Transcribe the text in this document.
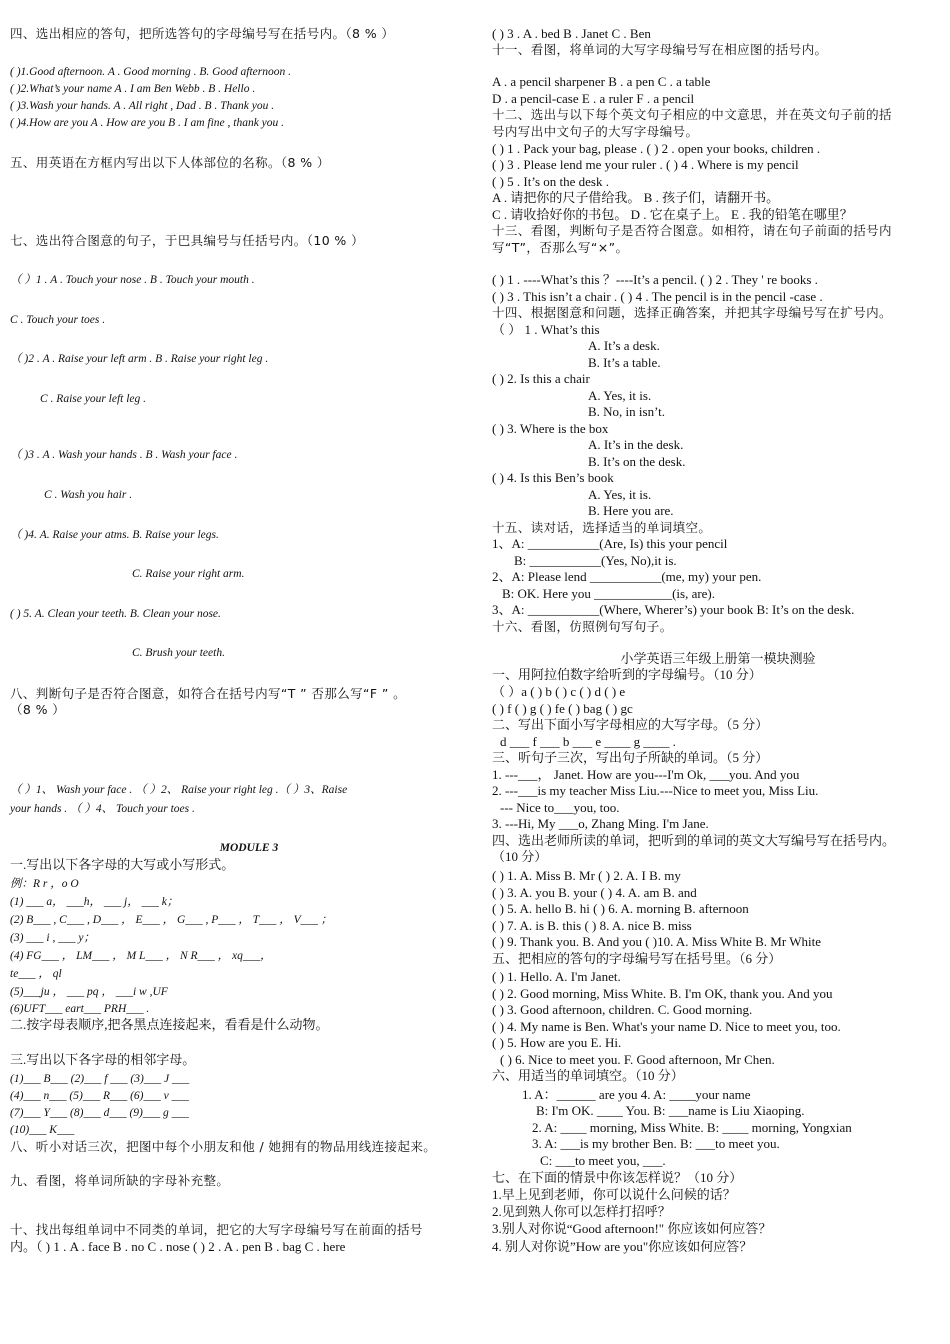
四、选出相应的答句，把所选答句的字母编号写在括号内。（8 % ）
( )1.Good afternoon. A . Good morning . B. Good afternoon .
( )2.What’s your name A . I am Ben Webb . B . Hello .
( )3.Wash your hands. A . All right , Dad . B . Thank you .
( )4.How are you A . How are you B . I am fine , thank you .
五、用英语在方框内写出以下人体部位的名称。（8 % ）
七、选出符合图意的句子，于巴具编号与任括号内。（10 % ）
（ ）1 . A . Touch your nose . B . Touch your mouth .
C . Touch your toes .
（ )2 . A . Raise your left arm . B . Raise your right leg .
C . Raise your left leg .
（ )3 . A . Wash your hands . B . Wash your face .
C . Wash you hair .
（ )4. A. Raise your atms. B. Raise your legs.
C. Raise your right arm.
( ) 5. A. Clean your teeth. B. Clean your nose.
C. Brush your teeth.
八、判断句子是否符合图意，如符合在括号内写“T ” 否那么写“F ” 。
（8 % ）
（ ）1、 Wash your face . （ ）2、 Raise your right leg .（ ）3、Raise
your hands . （ ）4、 Touch your toes .
MODULE 3
一.写出以下各字母的大写或小写形式。
例：R r ，o O
(1) ___ a， ___h， ___ j， ___ k；
(2) B___ , C___ , D___ ， E___ ， G___ , P___ ， T___ ， V___ ；
(3) ___ i , ___ y；
(4) FG___ ， LM___ ， M L___ ， N R___ ， xq___，
te___ ， ql
(5)___ju ， ___ pq ， ___i w ,UF
(6)UFT___ eart___ PRH___ .
二.按字母表顺序,把各黑点连接起来，看看是什么动物。
三.写出以下各字母的相邻字母。
(1)___ B___ (2)___ f ___ (3)___ J ___
(4)___ n___ (5)___ R___ (6)___ v ___
(7)___ Y___ (8)___ d___ (9)___ g ___
(10)___ K___
八、听小对话三次，把图中每个小朋友和他 / 她拥有的物品用线连接起来。
九、看图，将单词所缺的字母补充整。
十、找出每组单词中不同类的单词，把它的大写字母编号写在前面的括号
内。（ ) 1 . A . face B . no C . nose ( ) 2 . A . pen B . bag C . here
( ) 3 . A . bed B . Janet C . Ben
十一、看图，将单词的大写字母编号写在相应图的括号内。
A . a pencil sharpener B . a pen C . a table
D . a pencil-case E . a ruler F . a pencil
十二、选出与以下每个英文句子相应的中文意思，并在英文句子前的括
号内写出中文句子的大写字母编号。
( ) 1 . Pack your bag, please . ( ) 2 . open your books, children .
( ) 3 . Please lend me your ruler . ( ) 4 . Where is my pencil
( ) 5 . It’s on the desk .
A . 请把你的尺子借给我。 B . 孩子们，请翻开书。
C . 请收拾好你的书包。 D . 它在桌子上。 E . 我的铅笔在哪里？
十三、看图，判断句子是否符合图意。如相符，请在句子前面的括号内
写“T”，否那么写“×”。
( ) 1 . ----What’s this ？----It’s a pencil. ( ) 2 . They ' re books .
( ) 3 . This isn’t a chair . ( ) 4 . The pencil is in the pencil -case .
十四、根据图意和问题，选择正确答案，并把其字母编号写在扩号内。
（ ） 1 . What’s this
A. It’s a desk.
B. It’s a table.
( ) 2. Is this a chair
A. Yes, it is.
B. No, in isn’t.
( ) 3. Where is the box
A. It’s in the desk.
B. It’s on the desk.
( ) 4. Is this Ben’s book
A. Yes, it is.
B. Here you are.
十五、读对话，选择适当的单词填空。
1、A: ___________(Are, Is) this your pencil
B: ___________(Yes, No),it is.
2、A: Please lend ___________(me, my) your pen.
B: OK. Here you ____________(is, are).
3、A: ___________(Where, Wherer’s) your book B: It’s on the desk.
十六、看图，仿照例句写句子。
小学英语三年级上册第一模块测验
一、用阿拉伯数字给听到的字母编号。（10 分）
（ ）a ( ) b ( ) c ( ) d ( ) e
( ) f ( ) g ( ) fe ( ) bag ( ) gc
二、写出下面小写字母相应的大写字母。（5 分）
d ___ f ___ b ___ e ____ g ____ .
三、听句子三次，写出句子所缺的单词。（5 分）
1. ---___， Janet. How are you---I'm Ok, ___you. And you
2. ---___is my teacher Miss Liu.---Nice to meet you, Miss Liu.
--- Nice to___you, too.
3. ---Hi, My ___o, Zhang Ming. I'm Jane.
四、选出老师所读的单词，把听到的单词的英文大写编号写在括号内。
（10 分）
( ) 1. A. Miss B. Mr ( ) 2. A. I B. my
( ) 3. A. you B. your ( ) 4. A. am B. and
( ) 5. A. hello B. hi ( ) 6. A. morning B. afternoon
( ) 7. A. is B. this ( ) 8. A. nice B. miss
( ) 9. Thank you. B. And you ( )10. A. Miss White B. Mr White
五、把相应的答句的字母编号写在括号里。（6 分）
( ) 1. Hello. A. I'm Janet.
( ) 2. Good morning, Miss White. B. I'm OK, thank you. And you
( ) 3. Good afternoon, children. C. Good morning.
( ) 4. My name is Ben. What's your name D. Nice to meet you, too.
( ) 5. How are you E. Hi.
( ) 6. Nice to meet you. F. Good afternoon, Mr Chen.
六、用适当的单词填空。（10 分）
1. A：______ are you 4. A: ____your name
B: I'm OK. ____ You. B: ___name is Liu Xiaoping.
2. A: ____ morning, Miss White. B: ____ morning, Yongxian
3. A: ___is my brother Ben. B: ___to meet you.
C: ___to meet you, ___.
七、在下面的情景中你该怎样说？（10 分）
1.早上见到老师，你可以说什么问候的话？
2.见到熟人你可以怎样打招呼？
3.别人对你说“Good afternoon!" 你应该如何应答？
4. 别人对你说”How are you"你应该如何应答？
